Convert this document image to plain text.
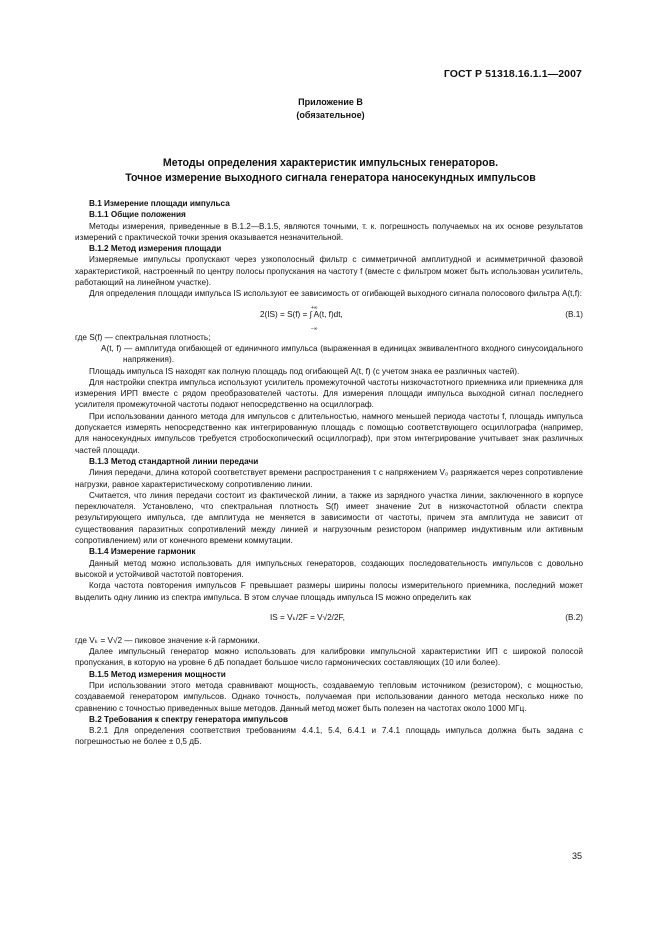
ГОСТ Р 51318.16.1.1—2007
Приложение В
(обязательное)
Методы определения характеристик импульсных генераторов.
Точное измерение выходного сигнала генератора наносекундных импульсов

В.1 Измерение площади импульса

В.1.1 Общие положения

Методы измерения, приведенные в В.1.2—В.1.5, являются точными, т. к. погрешность получаемых на их основе результатов измерений с практической точки зрения оказывается незначительной.

В.1.2 Метод измерения площади

Измеряемые импульсы пропускают через узкополосный фильтр с симметричной амплитудной и асимметричной фазовой характеристикой, настроенный по центру полосы пропускания на частоту f (вместе с фильтром может быть использован усилитель, работающий на линейном участке).

Для определения площади импульса IS используют ее зависимость от огибающей выходного сигнала полосового фильтра A(t,f):

2(IS) = S(f) = ∫ A(t, f)dt,
+∞
−∞
(В.1)

где S(f) — спектральная плотность;

A(t, f) — амплитуда огибающей от единичного импульса (выраженная в единицах эквивалентного входного синусоидального напряжения).

Площадь импульса IS находят как полную площадь под огибающей A(t, f) (с учетом знака ее различных частей).

Для настройки спектра импульса используют усилитель промежуточной частоты низкочастотного приемника или приемника для измерения ИРП вместе с рядом преобразователей частоты. Для измерения площади импульса выходной сигнал последнего усилителя промежуточной частоты подают непосредственно на осциллограф.

При использовании данного метода для импульсов с длительностью, намного меньшей периода частоты f, площадь импульса допускается измерять непосредственно как интегрированную площадь с помощью соответствующего осциллографа (например, для наносекундных импульсов требуется стробоскопический осциллограф), при этом интегрирование учитывает знак различных частей площади.

В.1.3 Метод стандартной линии передачи

Линия передачи, длина которой соответствует времени распространения τ с напряжением V₀ разряжается через сопротивление нагрузки, равное характеристическому сопротивлению линии.

Считается, что линия передачи состоит из фактической линии, а также из зарядного участка линии, заключенного в корпусе переключателя. Установлено, что спектральная плотность S(f) имеет значение 2υτ в низкочастотной области спектра результирующего импульса, где амплитуда не меняется в зависимости от частоты, причем эта амплитуда не зависит от существования паразитных сопротивлений между линией и нагрузочным резистором (например индуктивным или активным сопротивлением) или от конечного времени коммутации.

В.1.4 Измерение гармоник

Данный метод можно использовать для импульсных генераторов, создающих последовательность импульсов с довольно высокой и устойчивой частотой повторения.

Когда частота повторения импульсов F превышает размеры ширины полосы измерительного приемника, последний может выделить одну линию из спектра импульса. В этом случае площадь импульса IS можно определить как

IS = Vₖ/2F = V√2/2F,	(В.2)

где Vₖ = V√2 — пиковое значение к-й гармоники.

Далее импульсный генератор можно использовать для калибровки импульсной характеристики ИП с широкой полосой пропускания, в которую на уровне 6 дБ попадает большое число гармонических составляющих (10 или более).

В.1.5 Метод измерения мощности

При использовании этого метода сравнивают мощность, создаваемую тепловым источником (резистором), с мощностью, создаваемой генератором импульсов. Однако точность, получаемая при использовании данного метода несколько ниже по сравнению с точностью приведенных выше методов. Данный метод может быть полезен на частотах около 1000 МГц.

В.2 Требования к спектру генератора импульсов

В.2.1 Для определения соответствия требованиям 4.4.1, 5.4, 6.4.1 и 7.4.1 площадь импульса должна быть задана с погрешностью не более ± 0,5 дБ.

35
